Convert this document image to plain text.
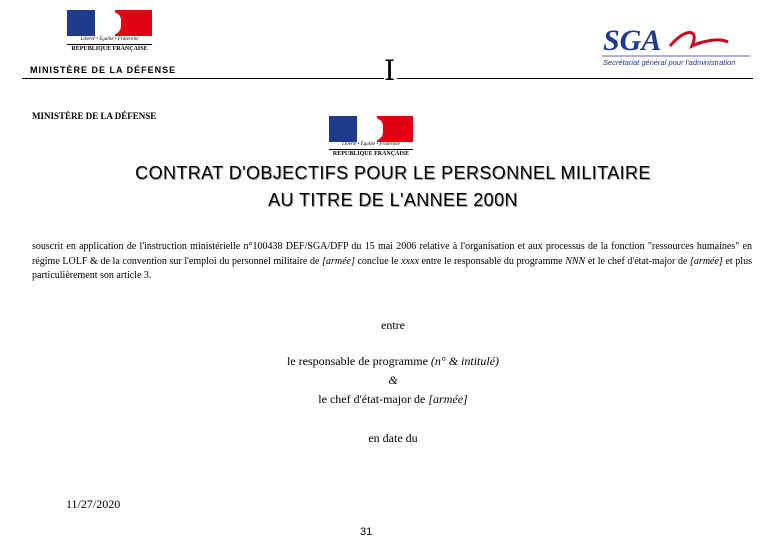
Liberté • Égalité • Fraternité
RÉPUBLIQUE FRANÇAISE
MINISTÈRE DE LA DÉFENSE	I
SGA
Secrétariat général pour l'administration
MINISTÈRE DE LA DÉFENSE
Liberté • Égalité • Fraternité
RÉPUBLIQUE FRANÇAISE
CONTRAT D'OBJECTIFS POUR LE PERSONNEL MILITAIRE
AU TITRE DE L'ANNEE 200N
souscrit en application de l'instruction ministérielle n°100438 DEF/SGA/DFP du 15 mai 2006 relative à l'organisation et aux processus de la fonction "ressources humaines" en régime LOLF & de la convention sur l'emploi du personnel militaire de [armée] conclue le xxxx entre le responsable du programme NNN et le chef d'état-major de [armée] et plus particulièrement son article 3.
entre
le responsable de programme (n° & intitulé)
&
le chef d'état-major de [armée]
en date du
11/27/2020
31
